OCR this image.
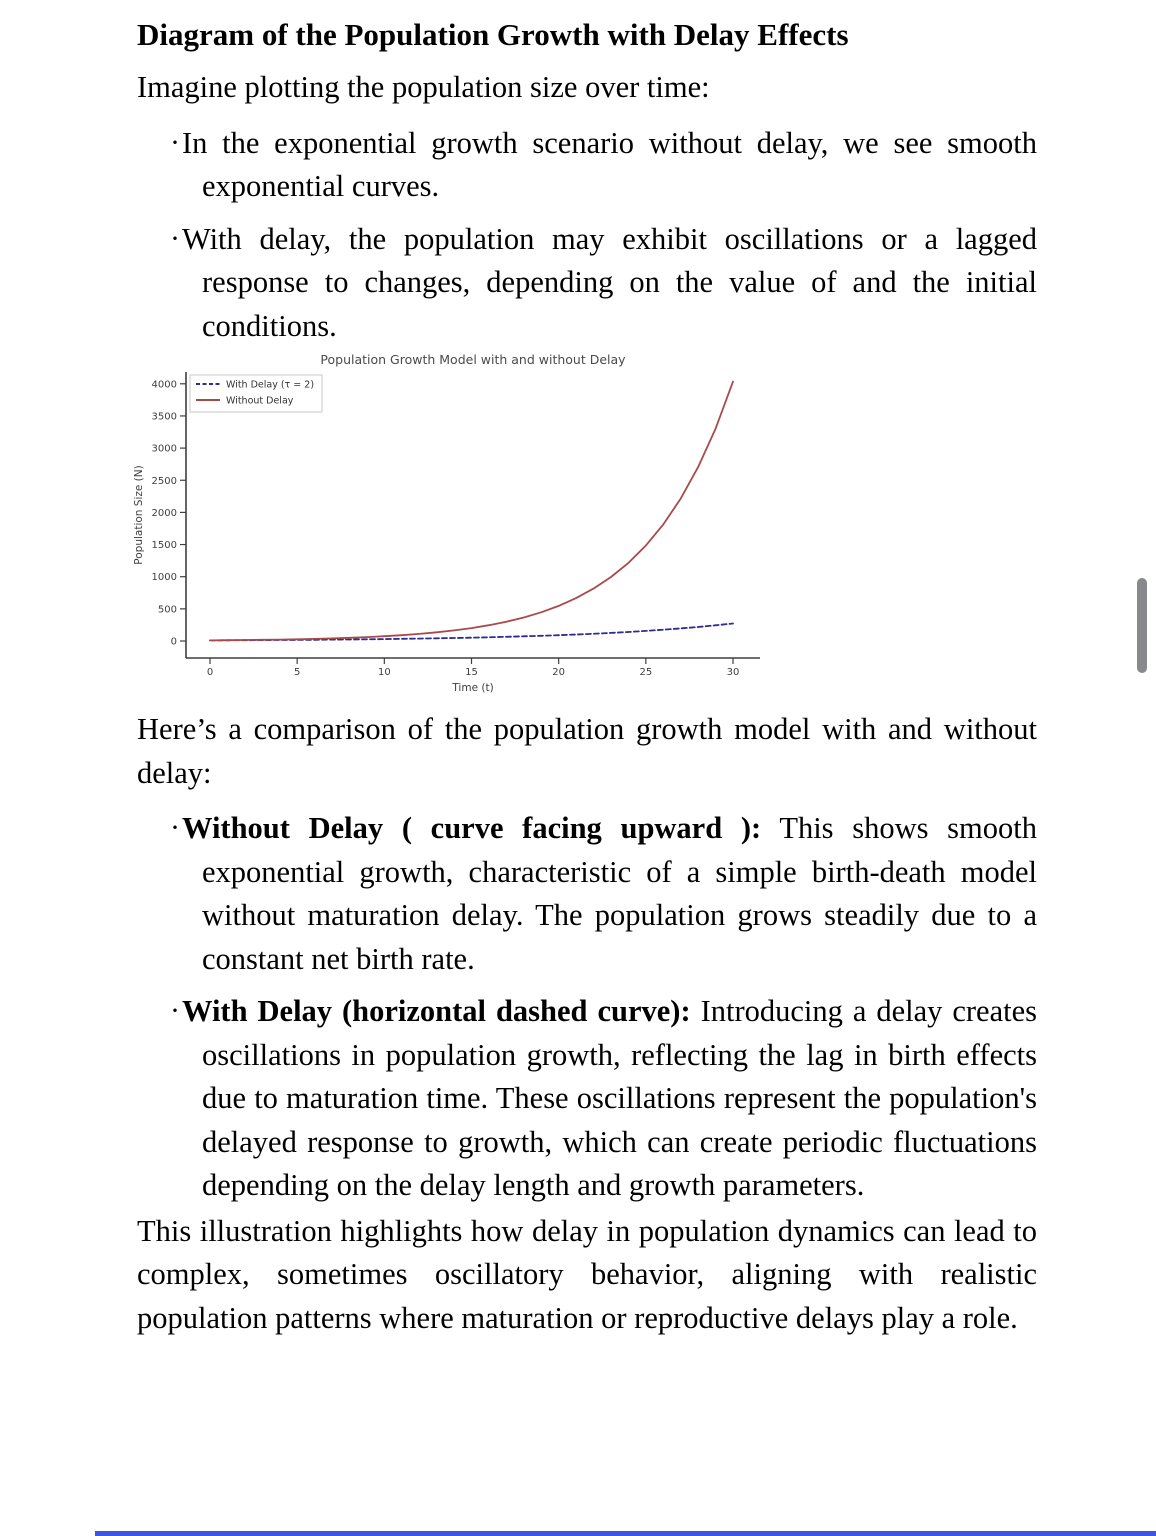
Diagram of the Population Growth with Delay Effects

Imagine plotting the population size over time:

· In the exponential growth scenario without delay, we see smooth exponential curves.
· With delay, the population may exhibit oscillations or a lagged response to changes, depending on the value of and the initial conditions.
Population Growth Model with and without Delay
Time (t)
Population Size (N)
0
500
1000
1500
2000
2500
3000
3500
4000
0	5	10	15	20	25	30
With Delay (τ = 2)
Without Delay

Here’s a comparison of the population growth model with and without delay:

· Without Delay ( curve facing upward ): This shows smooth exponential growth, characteristic of a simple birth-death model without maturation delay. The population grows steadily due to a constant net birth rate.
· With Delay (horizontal dashed curve): Introducing a delay creates oscillations in population growth, reflecting the lag in birth effects due to maturation time. These oscillations represent the population's delayed response to growth, which can create periodic fluctuations depending on the delay length and growth parameters.

This illustration highlights how delay in population dynamics can lead to complex, sometimes oscillatory behavior, aligning with realistic population patterns where maturation or reproductive delays play a role.
